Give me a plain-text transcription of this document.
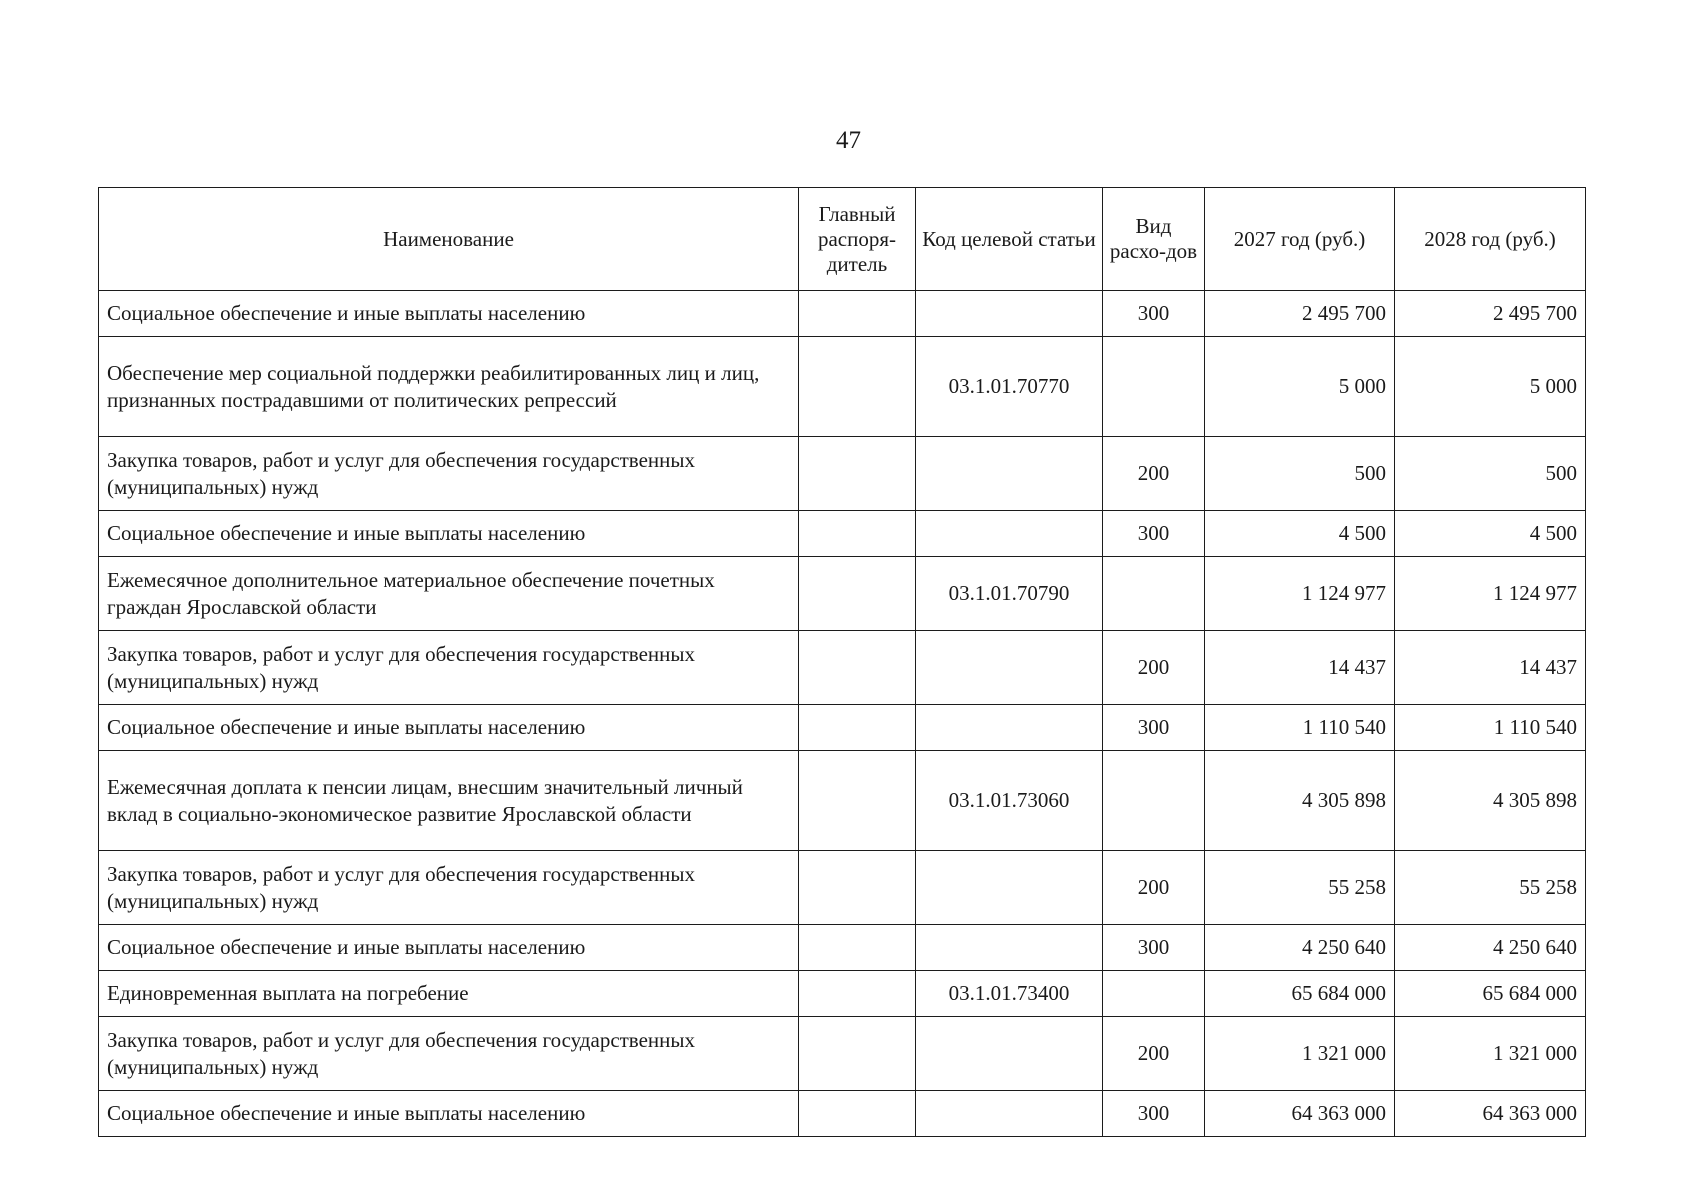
47
Наименование	Главный распоря-дитель	Код целевой статьи	Вид расхо-дов	2027 год (руб.)	2028 год (руб.)
Социальное обеспечение и иные выплаты населению			300	2 495 700	2 495 700
Обеспечение мер социальной поддержки реабилитированных лиц и лиц, признанных пострадавшими от политических репрессий		03.1.01.70770		5 000	5 000
Закупка товаров, работ и услуг для обеспечения государственных (муниципальных) нужд			200	500	500
Социальное обеспечение и иные выплаты населению			300	4 500	4 500
Ежемесячное дополнительное материальное обеспечение почетных граждан Ярославской области		03.1.01.70790		1 124 977	1 124 977
Закупка товаров, работ и услуг для обеспечения государственных (муниципальных) нужд			200	14 437	14 437
Социальное обеспечение и иные выплаты населению			300	1 110 540	1 110 540
Ежемесячная доплата к пенсии лицам, внесшим значительный личный вклад в социально-экономическое развитие Ярославской области		03.1.01.73060		4 305 898	4 305 898
Закупка товаров, работ и услуг для обеспечения государственных (муниципальных) нужд			200	55 258	55 258
Социальное обеспечение и иные выплаты населению			300	4 250 640	4 250 640
Единовременная выплата на погребение		03.1.01.73400		65 684 000	65 684 000
Закупка товаров, работ и услуг для обеспечения государственных (муниципальных) нужд			200	1 321 000	1 321 000
Социальное обеспечение и иные выплаты населению			300	64 363 000	64 363 000
